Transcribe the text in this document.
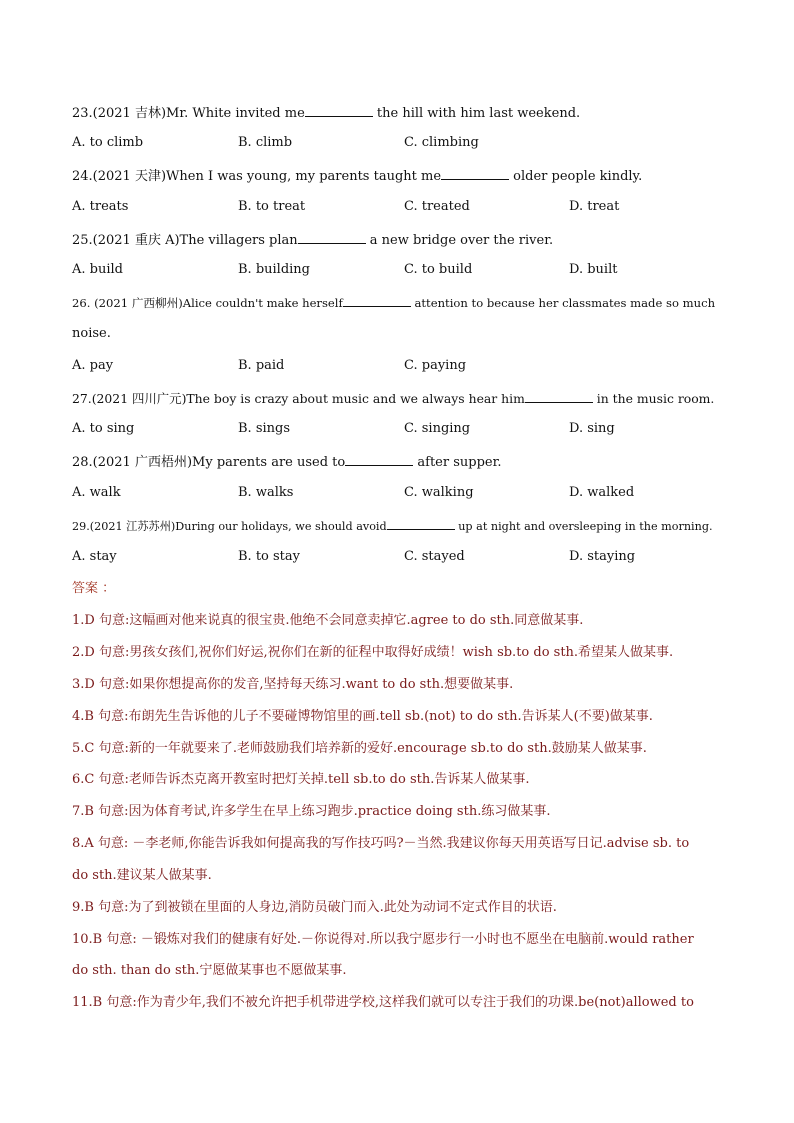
23.(2021 吉林)Mr. White invited me	the hill with him last weekend.
A. to climb	B. climb	C. climbing
24.(2021 天津)When I was young, my parents taught me	older people kindly.
A. treats	B. to treat	C. treated	D. treat
25.(2021 重庆 A)The villagers plan	a new bridge over the river.
A. build	B. building	C. to build	D. built
26. (2021 广西柳州)Alice couldn't make herself	attention to because her classmates made so much
noise.
A. pay	B. paid	C. paying
27.(2021 四川广元)The boy is crazy about music and we always hear him	in the music room.
A. to sing	B. sings	C. singing	D. sing
28.(2021 广西梧州)My parents are used to	after supper.
A. walk	B. walks	C. walking	D. walked
29.(2021 江苏苏州)During our holidays, we should avoid	up at night and oversleeping in the morning.
A. stay	B. to stay	C. stayed	D. staying
答案 ：
1.D 句意:这幅画对他来说真的很宝贵.他绝不会同意卖掉它.agree to do sth.同意做某事.
2.D 句意:男孩女孩们,祝你们好运,祝你们在新的征程中取得好成绩！wish sb.to do sth.希望某人做某事.
3.D 句意:如果你想提高你的发音,坚持每天练习.want to do sth.想要做某事.
4.B 句意:布朗先生告诉他的儿子不要碰博物馆里的画.tell sb.(not) to do sth.告诉某人(不要)做某事.
5.C 句意:新的一年就要来了.老师鼓励我们培养新的爱好.encourage sb.to do sth.鼓励某人做某事.
6.C 句意:老师告诉杰克离开教室时把灯关掉.tell sb.to do sth.告诉某人做某事.
7.B 句意:因为体育考试,许多学生在早上练习跑步.practice doing sth.练习做某事.
8.A 句意: －李老师,你能告诉我如何提高我的写作技巧吗?－当然.我建议你每天用英语写日记.advise sb. to
do sth.建议某人做某事.
9.B 句意:为了到被锁在里面的人身边,消防员破门而入.此处为动词不定式作目的状语.
10.B 句意: －锻炼对我们的健康有好处.－你说得对.所以我宁愿步行一小时也不愿坐在电脑前.would rather
do sth. than do sth.宁愿做某事也不愿做某事.
11.B 句意:作为青少年,我们不被允许把手机带进学校,这样我们就可以专注于我们的功课.be(not)allowed to
